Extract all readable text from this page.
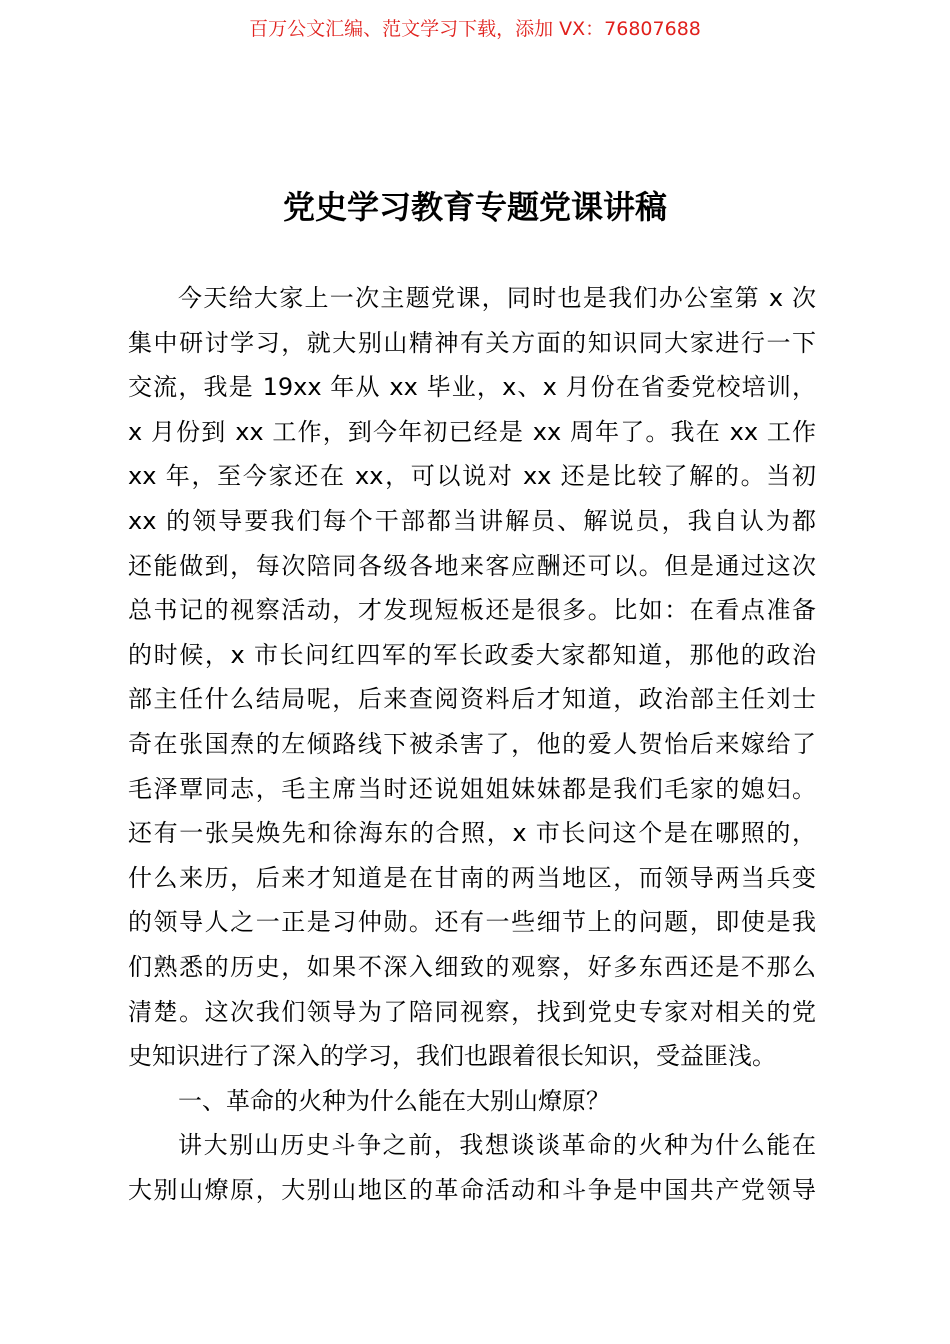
百万公文汇编、范文学习下载，添加 VX：76807688
党史学习教育专题党课讲稿
今天给大家上一次主题党课，同时也是我们办公室第 x 次
集中研讨学习，就大别山精神有关方面的知识同大家进行一下
交流，我是 19xx 年从 xx 毕业，x、x 月份在省委党校培训，
x 月份到 xx 工作，到今年初已经是 xx 周年了。我在 xx 工作
xx 年，至今家还在 xx，可以说对 xx 还是比较了解的。当初
xx 的领导要我们每个干部都当讲解员、解说员，我自认为都
还能做到，每次陪同各级各地来客应酬还可以。但是通过这次
总书记的视察活动，才发现短板还是很多。比如：在看点准备
的时候，x 市长问红四军的军长政委大家都知道，那他的政治
部主任什么结局呢，后来查阅资料后才知道，政治部主任刘士
奇在张国焘的左倾路线下被杀害了，他的爱人贺怡后来嫁给了
毛泽覃同志，毛主席当时还说姐姐妹妹都是我们毛家的媳妇。
还有一张吴焕先和徐海东的合照，x 市长问这个是在哪照的，
什么来历，后来才知道是在甘南的两当地区，而领导两当兵变
的领导人之一正是习仲勋。还有一些细节上的问题，即使是我
们熟悉的历史，如果不深入细致的观察，好多东西还是不那么
清楚。这次我们领导为了陪同视察，找到党史专家对相关的党
史知识进行了深入的学习，我们也跟着很长知识，受益匪浅。
一、革命的火种为什么能在大别山燎原？
讲大别山历史斗争之前，我想谈谈革命的火种为什么能在
大别山燎原，大别山地区的革命活动和斗争是中国共产党领导
